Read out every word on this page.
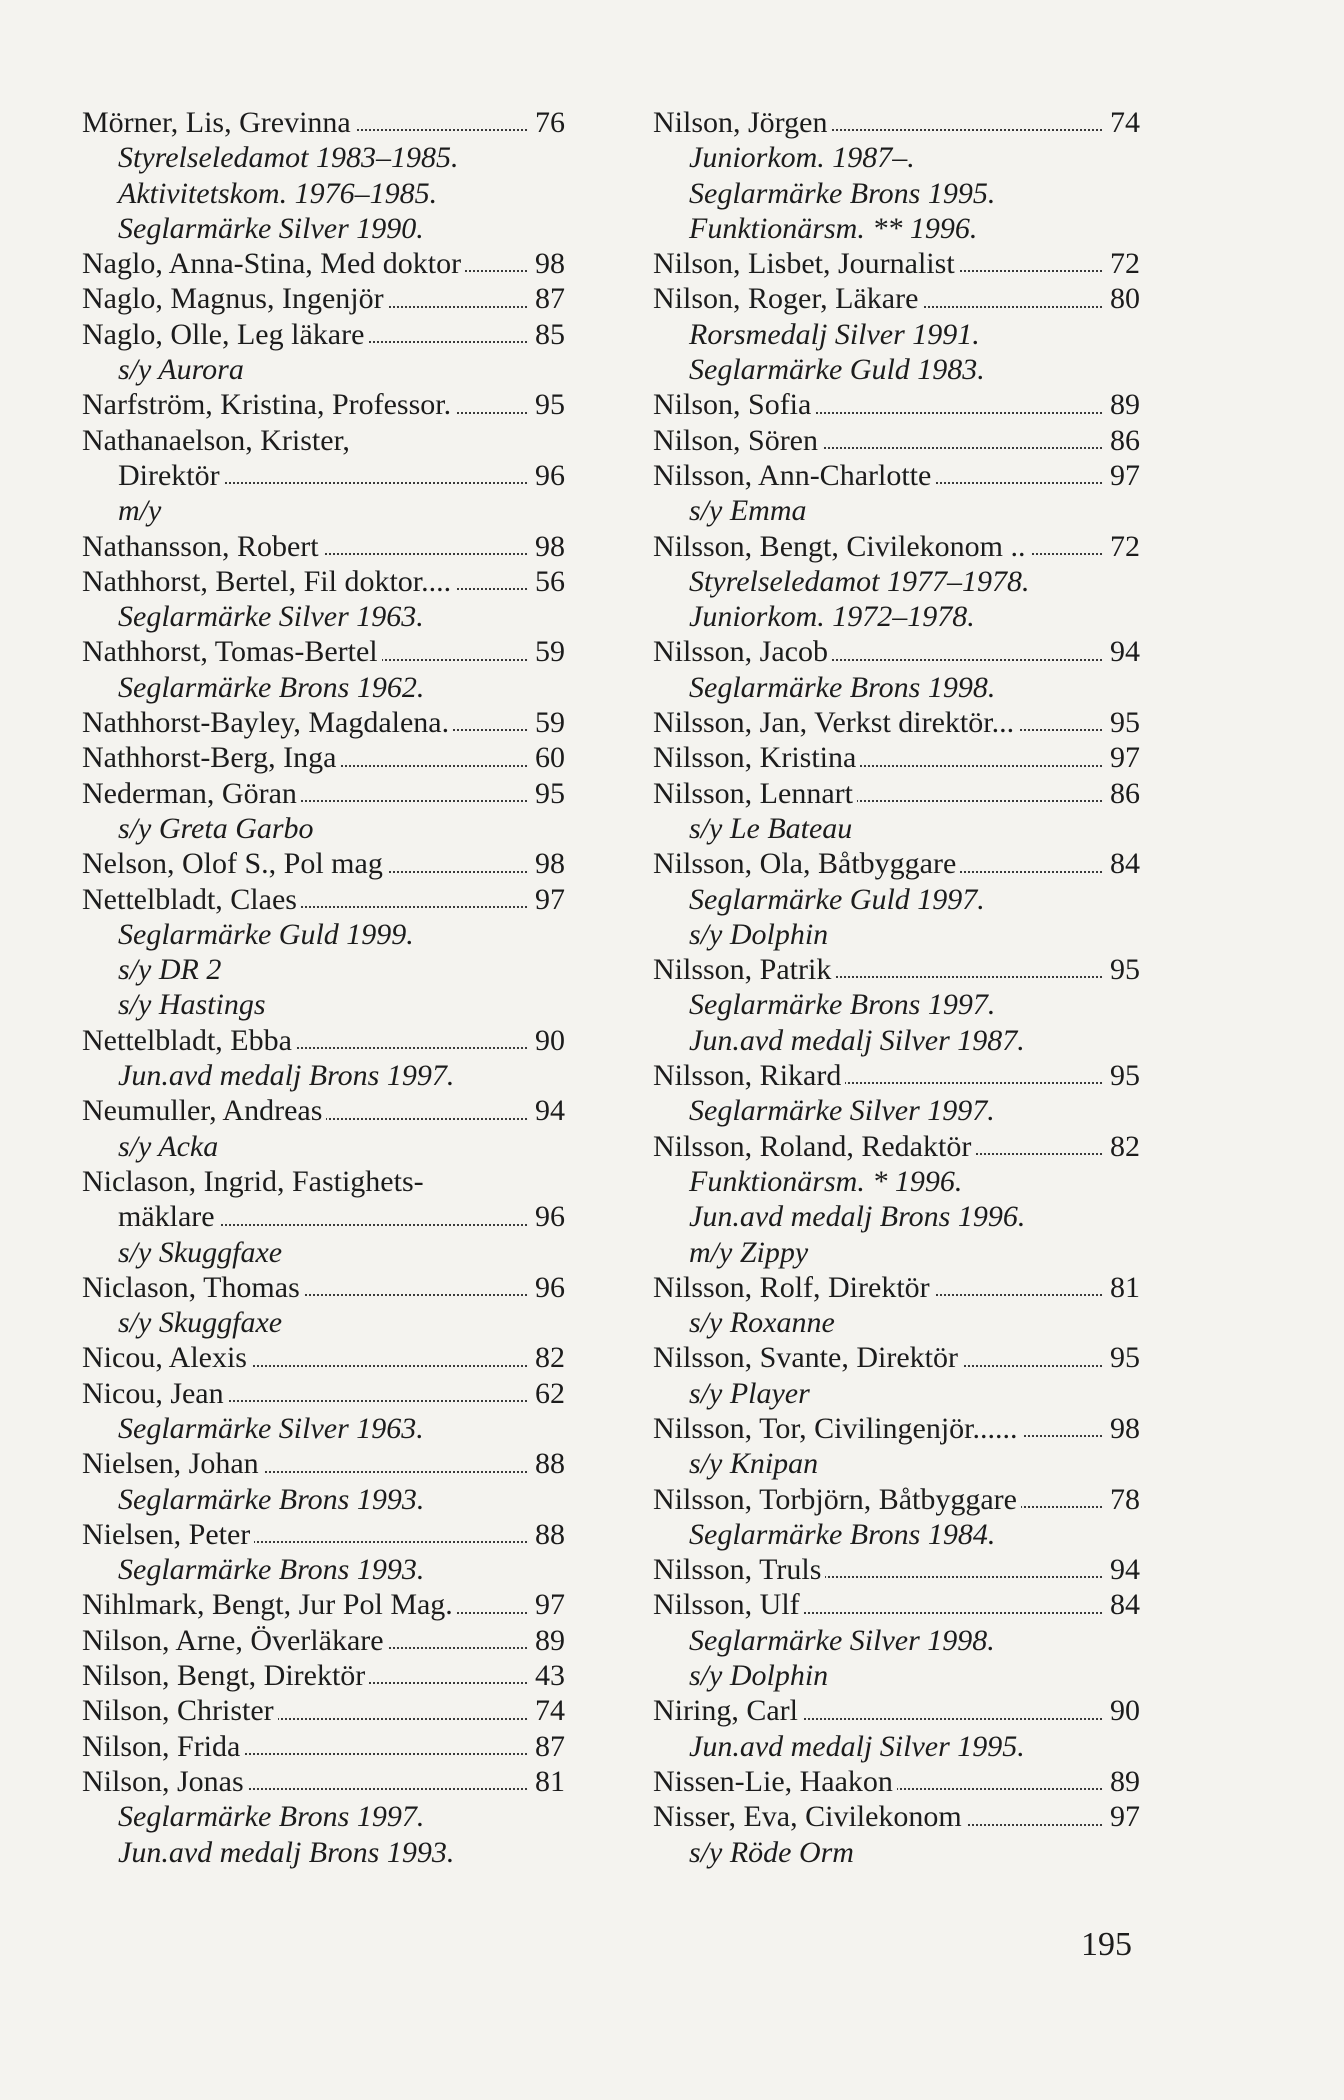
Mörner, Lis, Grevinna	76
Styrelseledamot 1983–1985.
Aktivitetskom. 1976–1985.
Seglarmärke Silver 1990.
Naglo, Anna-Stina, Med doktor 98
Naglo, Magnus, Ingenjör	87
Naglo, Olle, Leg läkare	85
s/y Aurora
Narfström, Kristina, Professor.	95
Nathanaelson, Krister,
Direktör	96
m/y
Nathansson, Robert	98
Nathhorst, Bertel, Fil doktor....	56
Seglarmärke Silver 1963.
Nathhorst, Tomas-Bertel	59
Seglarmärke Brons 1962.
Nathhorst-Bayley, Magdalena.	59
Nathhorst-Berg, Inga	60
Nederman, Göran	95
s/y Greta Garbo
Nelson, Olof S., Pol mag	98
Nettelbladt, Claes	97
Seglarmärke Guld 1999.
s/y DR 2
s/y Hastings
Nettelbladt, Ebba	90
Jun.avd medalj Brons 1997.
Neumuller, Andreas	94
s/y Acka
Niclason, Ingrid, Fastighets-
mäklare	96
s/y Skuggfaxe
Niclason, Thomas	96
s/y Skuggfaxe
Nicou, Alexis	82
Nicou, Jean	62
Seglarmärke Silver 1963.
Nielsen, Johan	88
Seglarmärke Brons 1993.
Nielsen, Peter	88
Seglarmärke Brons 1993.
Nihlmark, Bengt, Jur Pol Mag.	97
Nilson, Arne, Överläkare	89
Nilson, Bengt, Direktör	43
Nilson, Christer	74
Nilson, Frida	87
Nilson, Jonas	81
Seglarmärke Brons 1997.
Jun.avd medalj Brons 1993.
Nilson, Jörgen	74
Juniorkom. 1987–.
Seglarmärke Brons 1995.
Funktionärsm. ** 1996.
Nilson, Lisbet, Journalist	72
Nilson, Roger, Läkare	80
Rorsmedalj Silver 1991.
Seglarmärke Guld 1983.
Nilson, Sofia	89
Nilson, Sören	86
Nilsson, Ann-Charlotte	97
s/y Emma
Nilsson, Bengt, Civilekonom ..	72
Styrelseledamot 1977–1978.
Juniorkom. 1972–1978.
Nilsson, Jacob	94
Seglarmärke Brons 1998.
Nilsson, Jan, Verkst direktör...	95
Nilsson, Kristina	97
Nilsson, Lennart	86
s/y Le Bateau
Nilsson, Ola, Båtbyggare	84
Seglarmärke Guld 1997.
s/y Dolphin
Nilsson, Patrik	95
Seglarmärke Brons 1997.
Jun.avd medalj Silver 1987.
Nilsson, Rikard	95
Seglarmärke Silver 1997.
Nilsson, Roland, Redaktör	82
Funktionärsm. * 1996.
Jun.avd medalj Brons 1996.
m/y Zippy
Nilsson, Rolf, Direktör	81
s/y Roxanne
Nilsson, Svante, Direktör	95
s/y Player
Nilsson, Tor, Civilingenjör......	98
s/y Knipan
Nilsson, Torbjörn, Båtbyggare	78
Seglarmärke Brons 1984.
Nilsson, Truls	94
Nilsson, Ulf	84
Seglarmärke Silver 1998.
s/y Dolphin
Niring, Carl	90
Jun.avd medalj Silver 1995.
Nissen-Lie, Haakon	89
Nisser, Eva, Civilekonom	97
s/y Röde Orm
195
